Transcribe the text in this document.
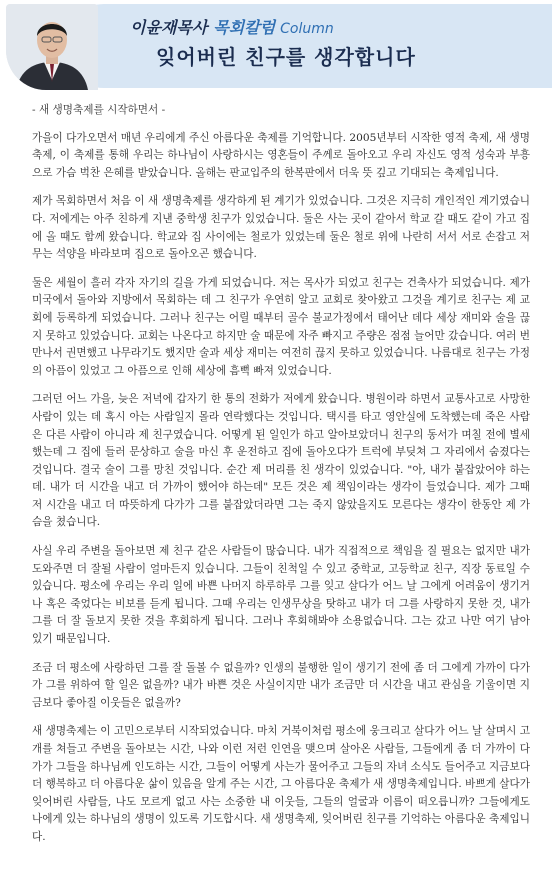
이윤재목사 목회칼럼 Column
잊어버린 친구를 생각합니다
- 새 생명축제를 시작하면서 -

가을이 다가오면서 매년 우리에게 주신 아름다운 축제를 기억합니다. 2005년부터 시작한 영적 축제, 새 생명축제, 이 축제를 통해 우리는 하나님이 사랑하시는 영혼들이 주께로 돌아오고 우리 자신도 영적 성숙과 부흥으로 가슴 벅찬 은혜를 받았습니다. 올해는 판교입주의 한복판에서 더욱 뜻 깊고 기대되는 축제입니다.

제가 목회하면서 처음 이 새 생명축제를 생각하게 된 계기가 있었습니다. 그것은 지극히 개인적인 계기였습니다. 저에게는 아주 친하게 지낸 중학생 친구가 있었습니다. 둘은 사는 곳이 같아서 학교 갈 때도 같이 가고 집에 올 때도 함께 왔습니다. 학교와 집 사이에는 철로가 있었는데 둘은 철로 위에 나란히 서서 서로 손잡고 저무는 석양을 바라보며 집으로 돌아오곤 했습니다.

둘은 세월이 흘러 각자 자기의 길을 가게 되었습니다. 저는 목사가 되었고 친구는 건축사가 되었습니다. 제가 미국에서 돌아와 지방에서 목회하는 데 그 친구가 우연히 알고 교회로 찾아왔고 그것을 계기로 친구는 제 교회에 등록하게 되었습니다. 그러나 친구는 어릴 때부터 골수 불교가정에서 태어난 데다 세상 재미와 술을 끊지 못하고 있었습니다. 교회는 나온다고 하지만 술 때문에 자주 빠지고 주량은 점점 늘어만 갔습니다. 여러 번 만나서 권면했고 나무라기도 했지만 술과 세상 재미는 여전히 끊지 못하고 있었습니다. 나름대로 친구는 가정의 아픔이 있었고 그 아픔으로 인해 세상에 흠뻑 빠져 있었습니다.

그러던 어느 가을, 늦은 저녁에 갑자기 한 통의 전화가 저에게 왔습니다. 병원이라 하면서 교통사고로 사망한 사람이 있는 데 혹시 아는 사람일지 몰라 연락했다는 것입니다. 택시를 타고 영안실에 도착했는데 죽은 사람은 다른 사람이 아니라 제 친구였습니다. 어떻게 된 일인가 하고 알아보았더니 친구의 동서가 며칠 전에 별세 했는데 그 집에 들러 문상하고 술을 마신 후 운전하고 집에 돌아오다가 트럭에 부딪쳐 그 자리에서 숨졌다는 것입니다. 결국 술이 그를 망친 것입니다. 순간 제 머리를 친 생각이 있었습니다. "아, 내가 붙잡았어야 하는데. 내가 더 시간을 내고 더 가까이 했어야 하는데" 모든 것은 제 책임이라는 생각이 들었습니다. 제가 그때 저 시간을 내고 더 따뜻하게 다가가 그를 붙잡았더라면 그는 죽지 않았을지도 모른다는 생각이 한동안 제 가슴을 쳤습니다.

사실 우리 주변을 돌아보면 제 친구 같은 사람들이 많습니다. 내가 직접적으로 책임을 질 필요는 없지만 내가 도와주면 더 잘될 사람이 얼마든지 있습니다. 그들이 친척일 수 있고 중학교, 고등학교 친구, 직장 동료일 수 있습니다. 평소에 우리는 우리 일에 바쁜 나머지 하루하루 그를 잊고 살다가 어느 날 그에게 어려움이 생기거나 혹은 죽었다는 비보를 듣게 됩니다. 그때 우리는 인생무상을 탓하고 내가 더 그를 사랑하지 못한 것, 내가 그를 더 잘 돌보지 못한 것을 후회하게 됩니다. 그러나 후회해봐야 소용없습니다. 그는 갔고 나만 여기 남아 있기 때문입니다.

조금 더 평소에 사랑하던 그를 잘 돌볼 수 없을까? 인생의 불행한 일이 생기기 전에 좀 더 그에게 가까이 다가가 그를 위하여 할 일은 없을까? 내가 바쁜 것은 사실이지만 내가 조금만 더 시간을 내고 관심을 기울이면 지금보다 좋아질 이웃들은 없을까?

새 생명축제는 이 고민으로부터 시작되었습니다. 마치 거북이처럼 평소에 웅크리고 살다가 어느 날 살며시 고개를 쳐들고 주변을 돌아보는 시간, 나와 이런 저런 인연을 맺으며 살아온 사람들, 그들에게 좀 더 가까이 다가가 그들을 하나님께 인도하는 시간, 그들이 어떻게 사는가 물어주고 그들의 자녀 소식도 들어주고 지금보다 더 행복하고 더 아름다운 삶이 있음을 알게 주는 시간, 그 아름다운 축제가 새 생명축제입니다. 바쁘게 살다가 잊어버린 사람들, 나도 모르게 없고 사는 소중한 내 이웃들, 그들의 얼굴과 이름이 떠오릅니까? 그들에게도 나에게 있는 하나님의 생명이 있도록 기도합시다. 새 생명축제, 잊어버린 친구를 기억하는 아름다운 축제입니다.
